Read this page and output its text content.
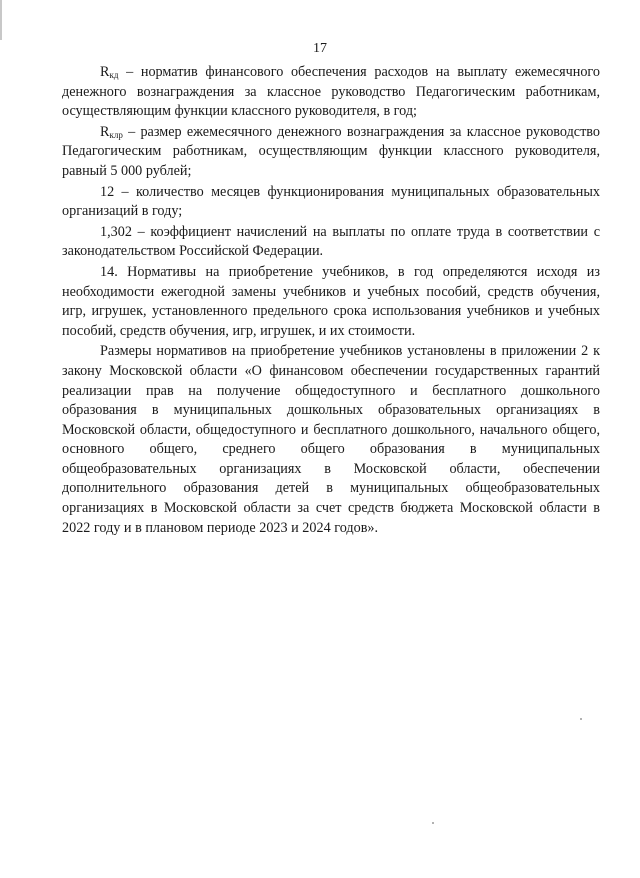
17

$R_{кд}$ – норматив финансового обеспечения расходов на выплату ежемесячного денежного вознаграждения за классное руководство Педагогическим работникам, осуществляющим функции классного руководителя, в год;

$R_{клр}$ – размер ежемесячного денежного вознаграждения за классное руководство Педагогическим работникам, осуществляющим функции классного руководителя, равный 5 000 рублей;

12 – количество месяцев функционирования муниципальных образовательных организаций в году;

1,302 – коэффициент начислений на выплаты по оплате труда в соответствии с законодательством Российской Федерации.

14. Нормативы на приобретение учебников, в год определяются исходя из необходимости ежегодной замены учебников и учебных пособий, средств обучения, игр, игрушек, установленного предельного срока использования учебников и учебных пособий, средств обучения, игр, игрушек, и их стоимости.

Размеры нормативов на приобретение учебников установлены в приложении 2 к закону Московской области «О финансовом обеспечении государственных гарантий реализации прав на получение общедоступного и бесплатного дошкольного образования в муниципальных дошкольных образовательных организациях в Московской области, общедоступного и бесплатного дошкольного, начального общего, основного общего, среднего общего образования в муниципальных общеобразовательных организациях в Московской области, обеспечении дополнительного образования детей в муниципальных общеобразовательных организациях в Московской области за счет средств бюджета Московской области в 2022 году и в плановом периоде 2023 и 2024 годов».
